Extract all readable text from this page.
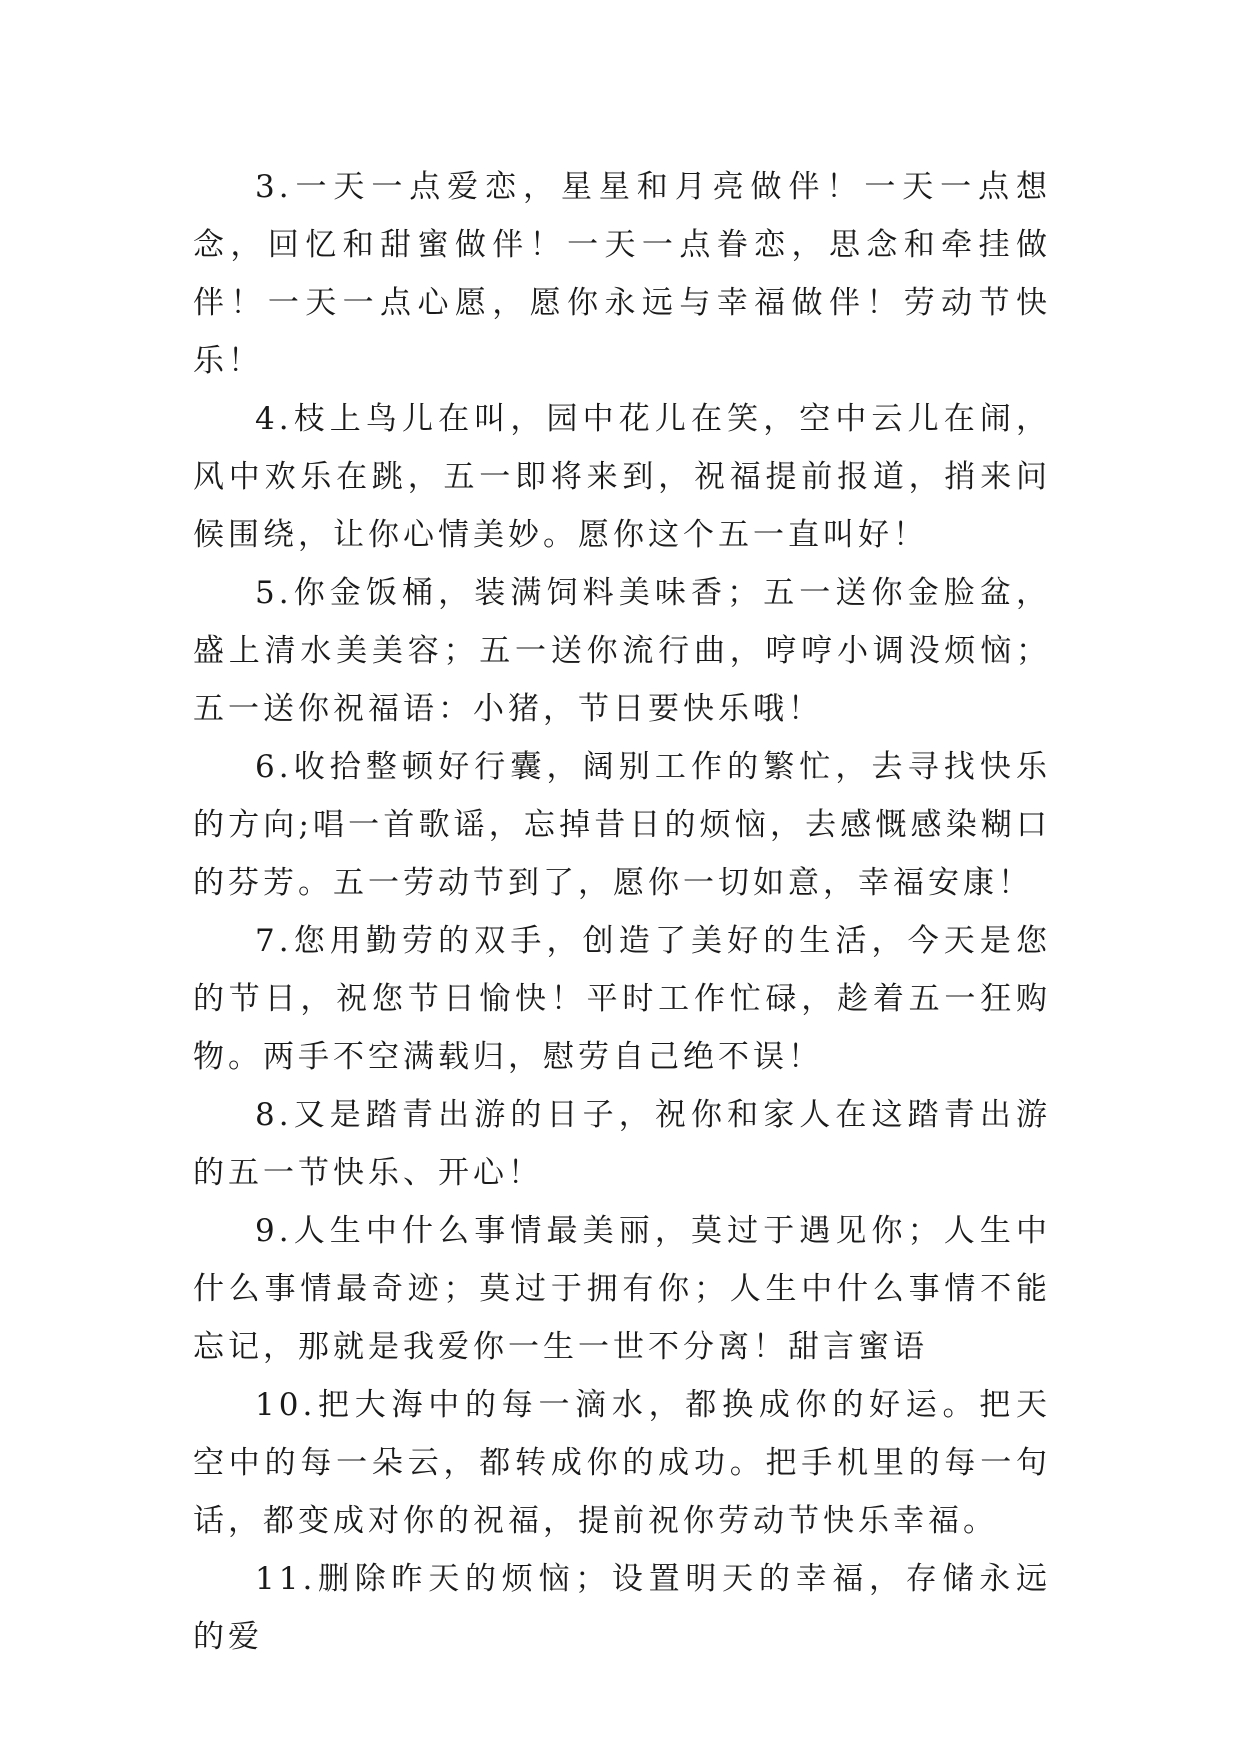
3.一天一点爱恋，星星和月亮做伴！一天一点想念，回忆和甜蜜做伴！一天一点眷恋，思念和牵挂做伴！一天一点心愿，愿你永远与幸福做伴！劳动节快乐！

4.枝上鸟儿在叫，园中花儿在笑，空中云儿在闹，风中欢乐在跳，五一即将来到，祝福提前报道，捎来问候围绕，让你心情美妙。愿你这个五一直叫好！

5.你金饭桶，装满饲料美味香；五一送你金脸盆，盛上清水美美容；五一送你流行曲，哼哼小调没烦恼；五一送你祝福语：小猪，节日要快乐哦！

6.收拾整顿好行囊，阔别工作的繁忙，去寻找快乐的方向;唱一首歌谣，忘掉昔日的烦恼，去感慨感染糊口的芬芳。五一劳动节到了，愿你一切如意，幸福安康！

7.您用勤劳的双手，创造了美好的生活，今天是您的节日，祝您节日愉快！平时工作忙碌，趁着五一狂购物。两手不空满载归，慰劳自己绝不误！

8.又是踏青出游的日子，祝你和家人在这踏青出游的五一节快乐、开心！

9.人生中什么事情最美丽，莫过于遇见你；人生中什么事情最奇迹；莫过于拥有你；人生中什么事情不能忘记，那就是我爱你一生一世不分离！甜言蜜语

10.把大海中的每一滴水，都换成你的好运。把天空中的每一朵云，都转成你的成功。把手机里的每一句话，都变成对你的祝福，提前祝你劳动节快乐幸福。

11.删除昨天的烦恼；设置明天的幸福，存储永远的爱
